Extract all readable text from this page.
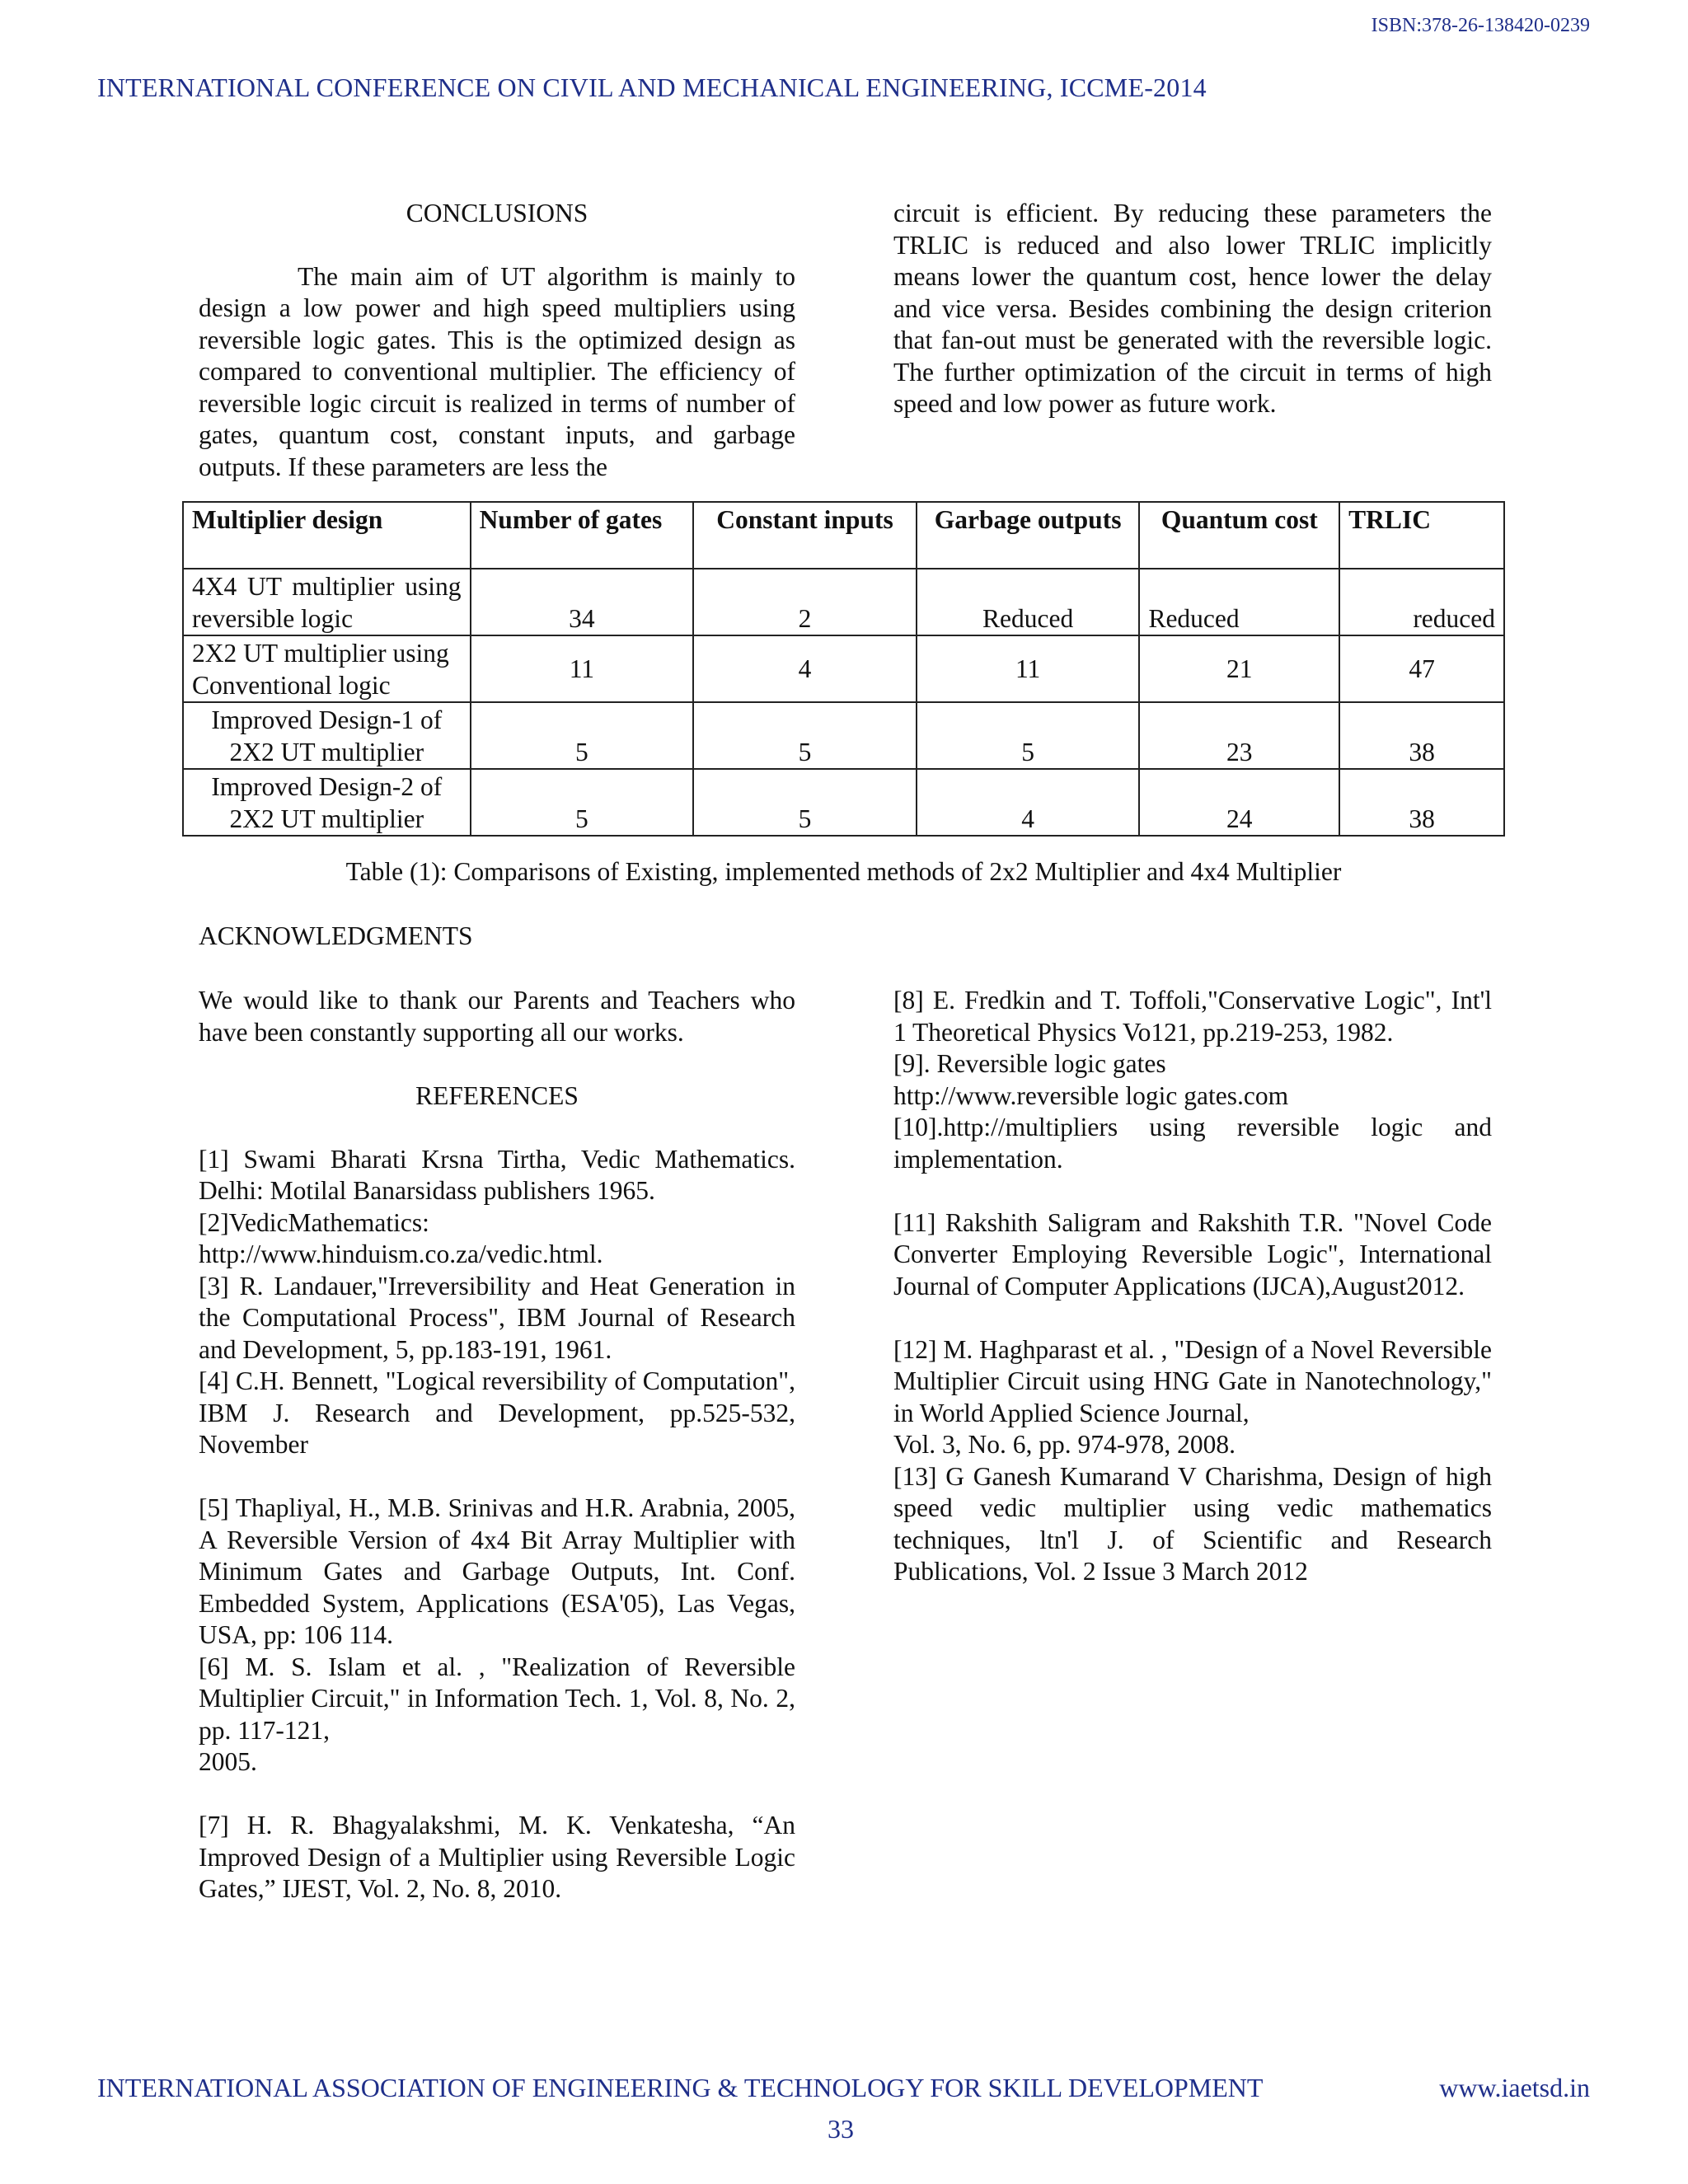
ISBN:378-26-138420-0239
INTERNATIONAL CONFERENCE ON CIVIL AND MECHANICAL ENGINEERING, ICCME-2014

CONCLUSIONS

The main aim of UT algorithm is mainly to design a low power and high speed multipliers using reversible logic gates. This is the optimized design as compared to conventional multiplier. The efficiency of reversible logic circuit is realized in terms of number of gates, quantum cost, constant inputs, and garbage outputs. If these parameters are less the

circuit is efficient. By reducing these parameters the TRLIC is reduced and also lower TRLIC implicitly means lower the quantum cost, hence lower the delay and vice versa. Besides combining the design criterion that fan-out must be generated with the reversible logic. The further optimization of the circuit in terms of high speed and low power as future work.

Multiplier design	Number of gates	Constant inputs	Garbage outputs	Quantum cost	TRLIC
4X4 UT multiplier using reversible logic	34	2	Reduced	Reduced	reduced
2X2 UT multiplier using Conventional logic	11	4	11	21	47
Improved Design-1 of 2X2 UT multiplier	5	5	5	23	38
Improved Design-2 of 2X2 UT multiplier	5	5	4	24	38
Table (1): Comparisons of Existing, implemented methods of 2x2 Multiplier and 4x4 Multiplier
ACKNOWLEDGMENTS

We would like to thank our Parents and Teachers who have been constantly supporting all our works.

REFERENCES

[1] Swami Bharati Krsna Tirtha, Vedic Mathematics. Delhi: Motilal Banarsidass publishers 1965.

[2]VedicMathematics:

http://www.hinduism.co.za/vedic.html.

[3] R. Landauer,"Irreversibility and Heat Generation in the Computational Process", IBM Journal of Research and Development, 5, pp.183-191, 1961.

[4] C.H. Bennett, "Logical reversibility of Computation", IBM J. Research and Development, pp.525-532, November

[5] Thapliyal, H., M.B. Srinivas and H.R. Arabnia, 2005, A Reversible Version of 4x4 Bit Array Multiplier with Minimum Gates and Garbage Outputs, Int. Conf. Embedded System, Applications (ESA'05), Las Vegas, USA, pp: 106 114.

[6] M. S. Islam et al. , "Realization of Reversible Multiplier Circuit," in Information Tech. 1, Vol. 8, No. 2, pp. 117-121,

2005.

[7] H. R. Bhagyalakshmi, M. K. Venkatesha, “An Improved Design of a Multiplier using Reversible Logic Gates,” IJEST, Vol. 2, No. 8, 2010.

[8] E. Fredkin and T. Toffoli,"Conservative Logic", Int'l 1 Theoretical Physics Vo121, pp.219-253, 1982.

[9]. Reversible logic gates

http://www.reversible logic gates.com

[10].http://multipliers using reversible logic and implementation.

[11] Rakshith Saligram and Rakshith T.R. "Novel Code Converter Employing Reversible Logic", International Journal of Computer Applications (IJCA),August2012.

[12] M. Haghparast et al. , "Design of a Novel Reversible Multiplier Circuit using HNG Gate in Nanotechnology," in World Applied Science Journal,

Vol. 3, No. 6, pp. 974-978, 2008.

[13] G Ganesh Kumarand V Charishma, Design of high speed vedic multiplier using vedic mathematics techniques, ltn'l J. of Scientific and Research Publications, Vol. 2 Issue 3 March 2012

INTERNATIONAL ASSOCIATION OF ENGINEERING & TECHNOLOGY FOR SKILL DEVELOPMENT	www.iaetsd.in
33
